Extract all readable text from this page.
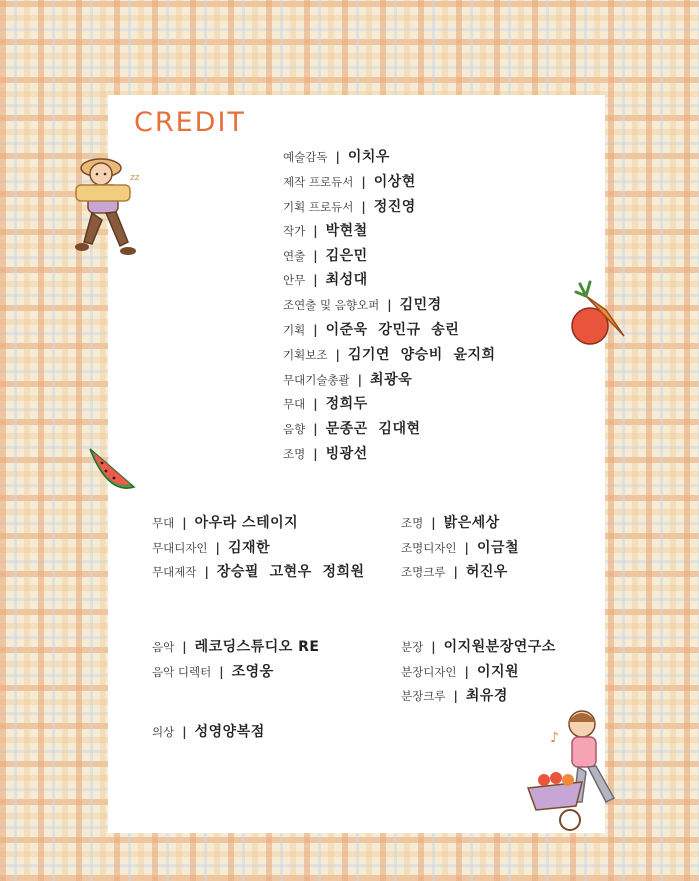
CREDIT
예술감독 | 이치우
제작 프로듀서 | 이상현
기획 프로듀서 | 정진영
작가 | 박현철
연출 | 김은민
안무 | 최성대
조연출 및 음향오퍼 | 김민경
기획 | 이준욱  강민규  송린
기획보조 | 김기연  양승비  윤지희
무대기술총괄 | 최광욱
무대 | 정희두
음향 | 문종곤  김대현
조명 | 빙광선
무대 | 아우라 스테이지
무대디자인 | 김재한
무대제작 | 장승필  고현우  정희원
음악 | 레코딩스튜디오 RE
음악 디렉터 | 조영웅
의상 | 성영양복점
조명 | 밝은세상
조명디자인 | 이금철
조명크루 | 허진우
분장 | 이지원분장연구소
분장디자인 | 이지원
분장크루 | 최유경
zz
♪
